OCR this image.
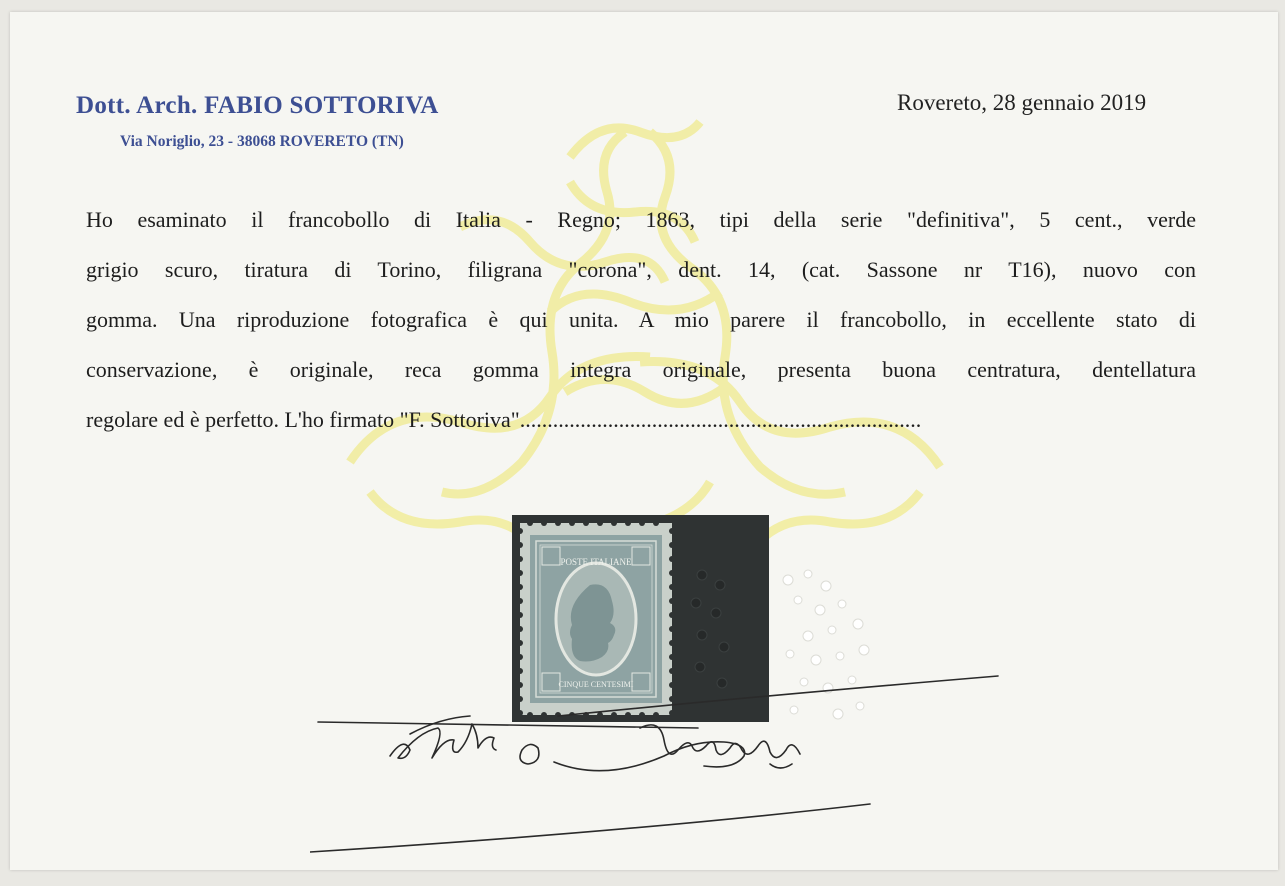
Dott. Arch. FABIO SOTTORIVA
Via Noriglio, 23 - 38068 ROVERETO (TN)
Rovereto, 28 gennaio 2019
Ho esaminato il francobollo di Italia - Regno; 1863, tipi della serie "definitiva", 5 cent., verde
grigio scuro, tiratura di Torino, filigrana "corona", dent. 14, (cat. Sassone nr T16), nuovo con
gomma. Una riproduzione fotografica è qui unita. A mio parere il francobollo, in eccellente stato di
conservazione, è originale, reca gomma integra originale, presenta buona centratura, dentellatura
regolare ed è perfetto. L'ho firmato "F. Sottoriva".........................................................................
POSTE ITALIANE
CINQUE CENTESIMI
